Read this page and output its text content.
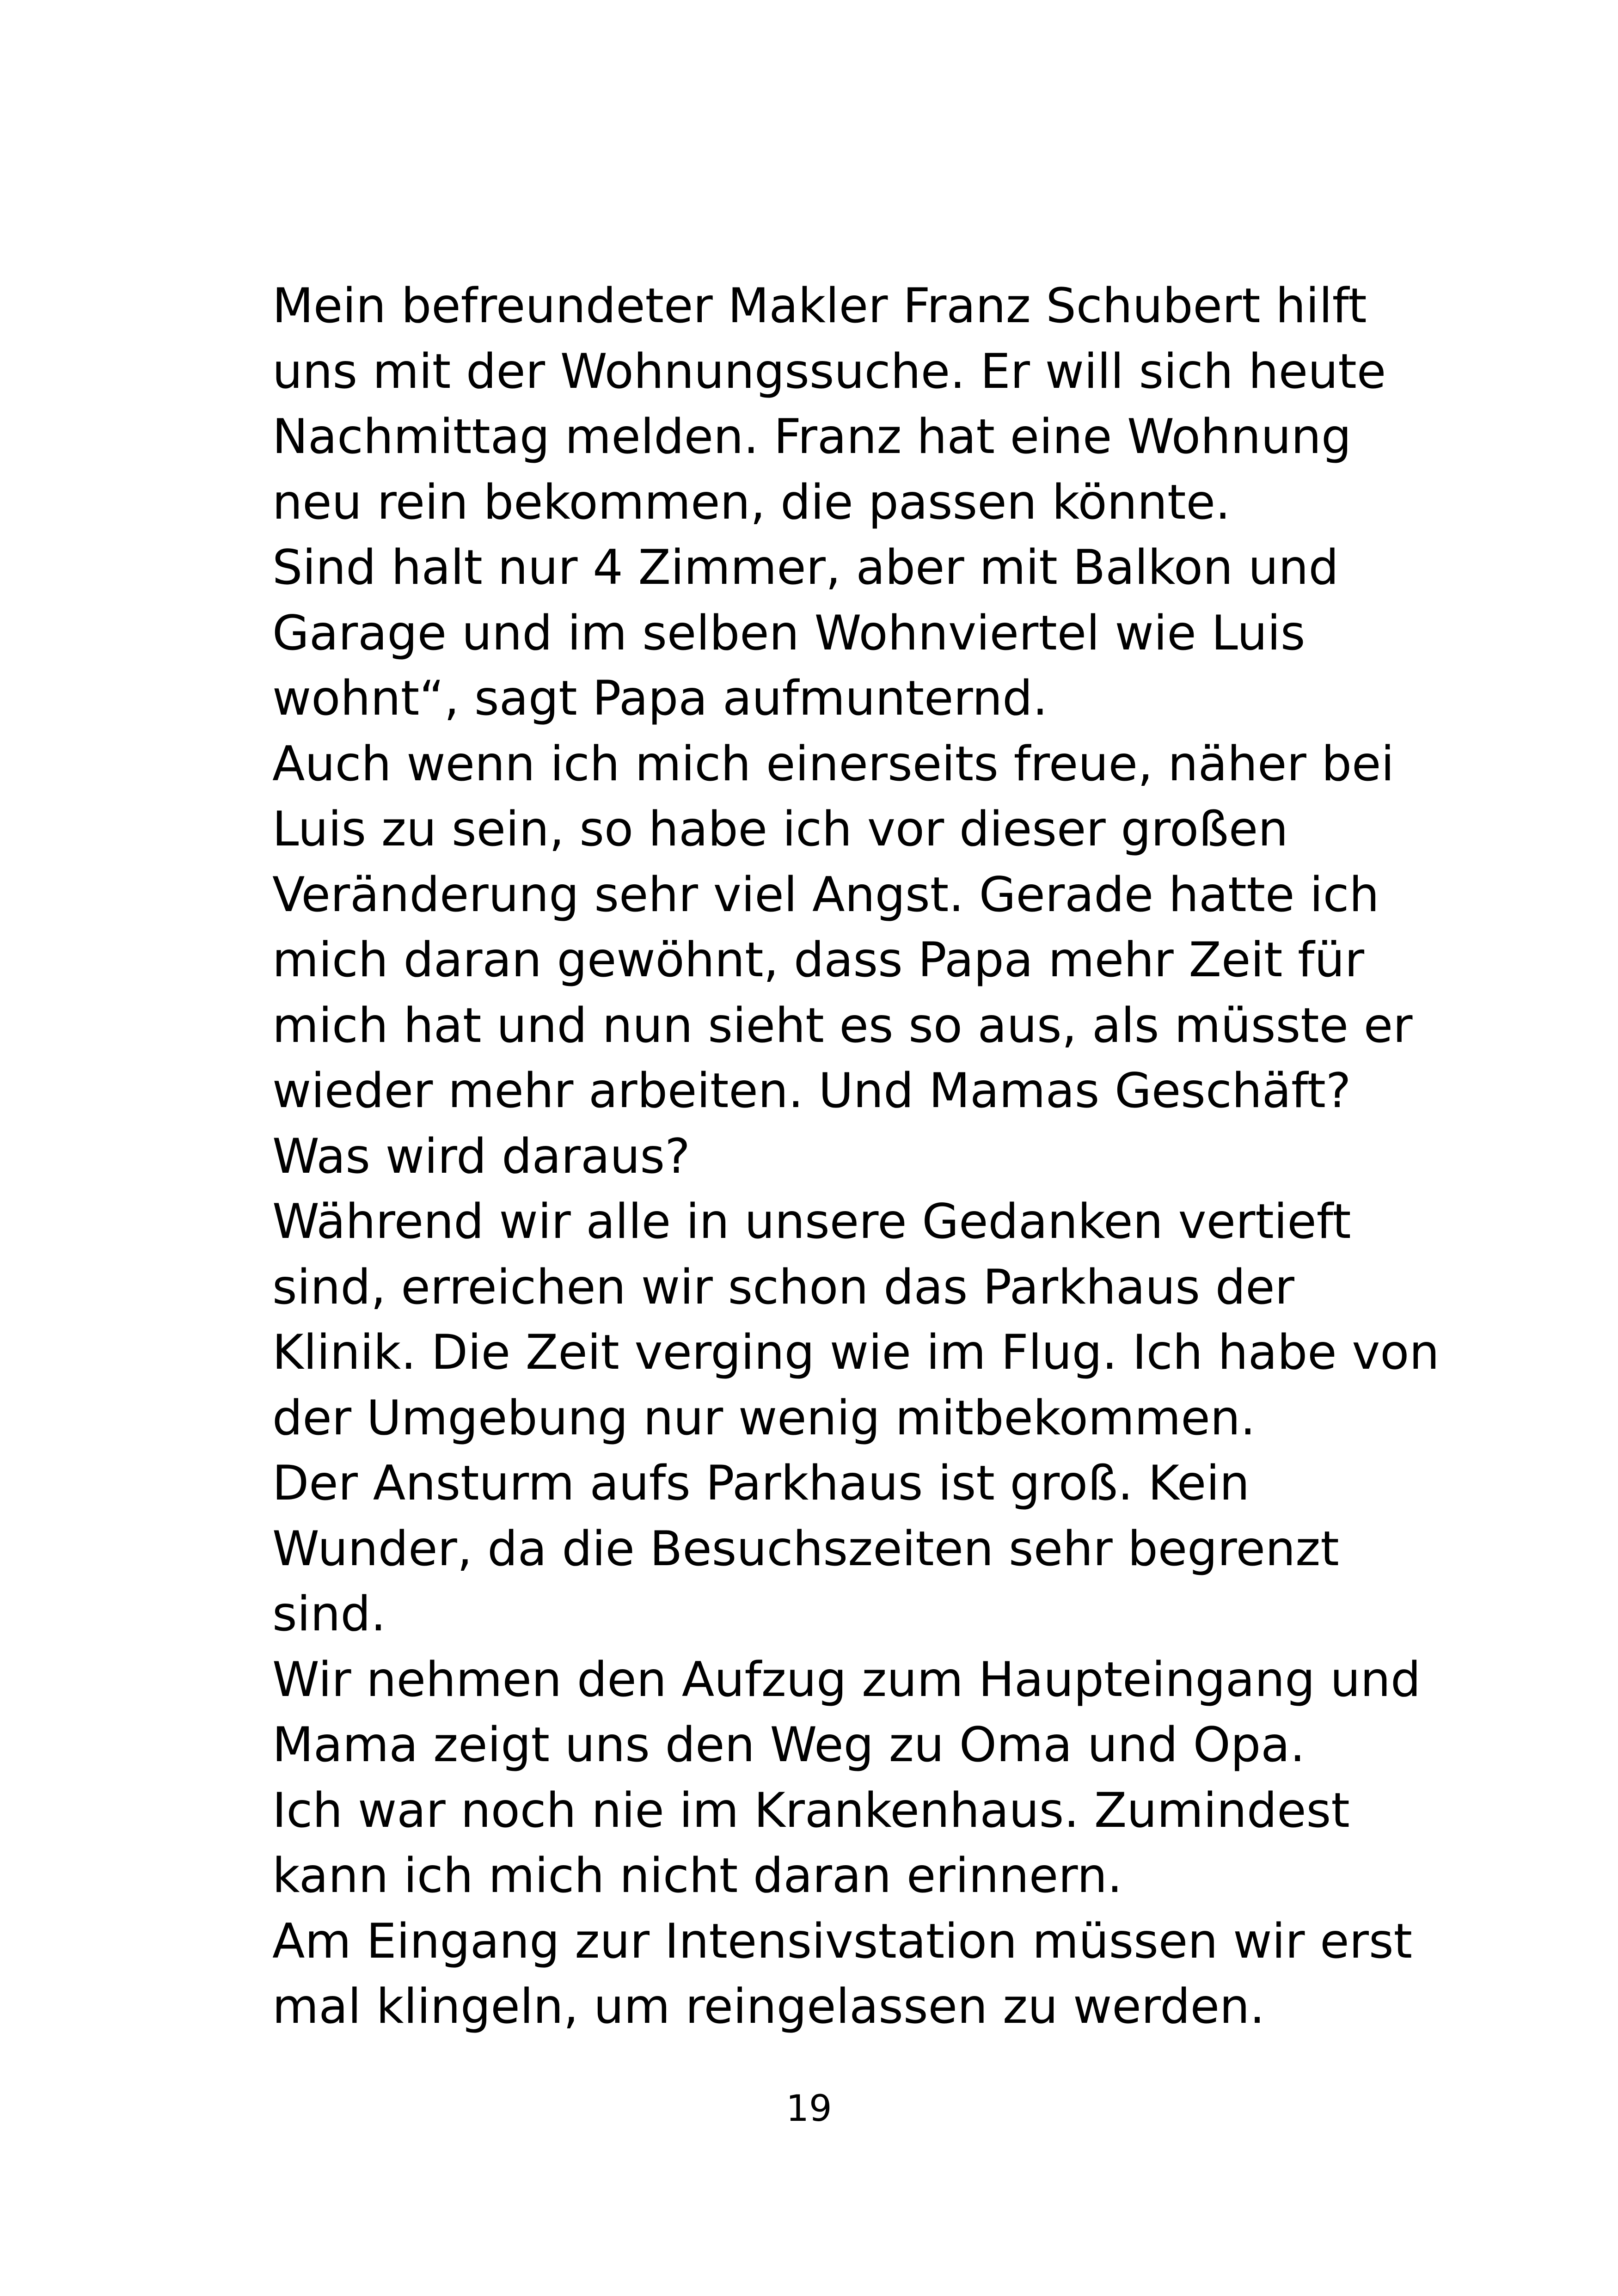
Mein befreundeter Makler Franz Schubert hilft
uns mit der Wohnungssuche. Er will sich heute
Nachmittag melden. Franz hat eine Wohnung
neu rein bekommen, die passen könnte.
Sind halt nur 4 Zimmer, aber mit Balkon und
Garage und im selben Wohnviertel wie Luis
wohnt“, sagt Papa aufmunternd.
Auch wenn ich mich einerseits freue, näher bei
Luis zu sein, so habe ich vor dieser großen
Veränderung sehr viel Angst. Gerade hatte ich
mich daran gewöhnt, dass Papa mehr Zeit für
mich hat und nun sieht es so aus, als müsste er
wieder mehr arbeiten. Und Mamas Geschäft?
Was wird daraus?
Während wir alle in unsere Gedanken vertieft
sind, erreichen wir schon das Parkhaus der
Klinik. Die Zeit verging wie im Flug. Ich habe von
der Umgebung nur wenig mitbekommen.
Der Ansturm aufs Parkhaus ist groß. Kein
Wunder, da die Besuchszeiten sehr begrenzt
sind.
Wir nehmen den Aufzug zum Haupteingang und
Mama zeigt uns den Weg zu Oma und Opa.
Ich war noch nie im Krankenhaus. Zumindest
kann ich mich nicht daran erinnern.
Am Eingang zur Intensivstation müssen wir erst
mal klingeln, um reingelassen zu werden.

19
